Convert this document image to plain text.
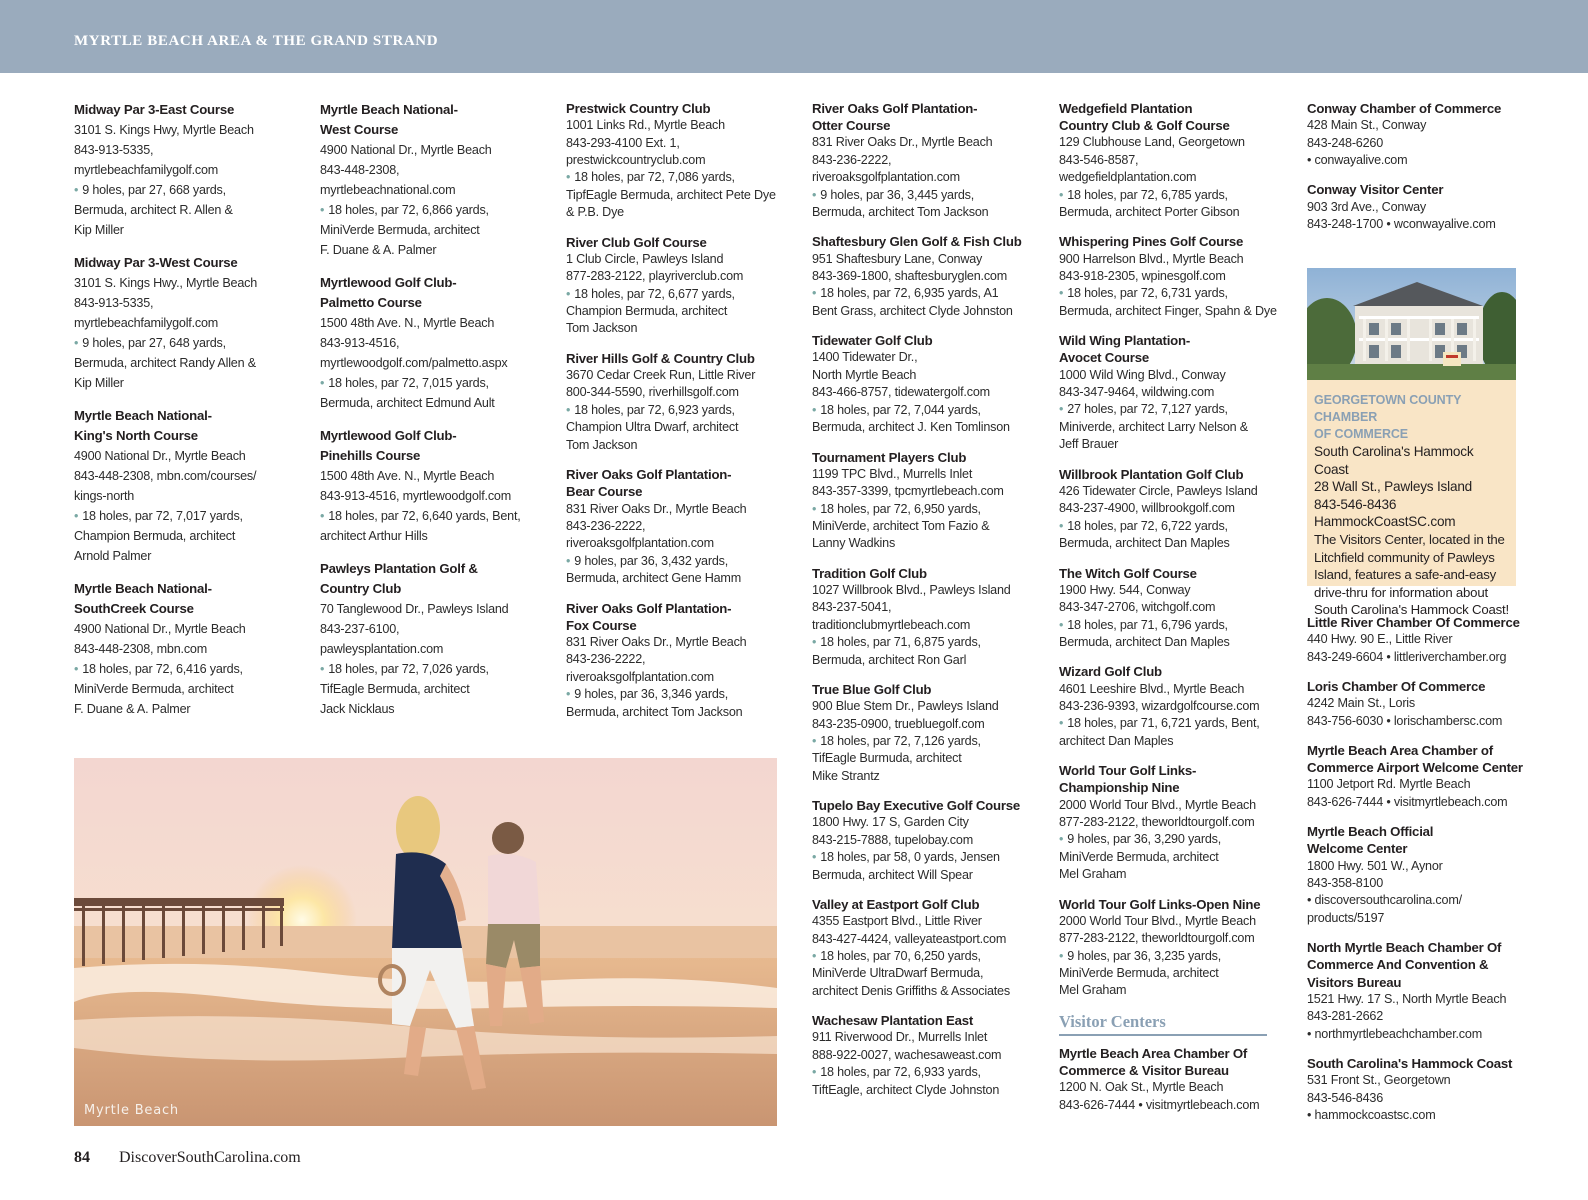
MYRTLE BEACH AREA & THE GRAND STRAND
Midway Par 3-East Course
3101 S. Kings Hwy, Myrtle Beach
843-913-5335,
myrtlebeachfamilygolf.com
• 9 holes, par 27, 668 yards,
Bermuda, architect R. Allen &
Kip Miller
Midway Par 3-West Course
3101 S. Kings Hwy., Myrtle Beach
843-913-5335,
myrtlebeachfamilygolf.com
• 9 holes, par 27, 648 yards,
Bermuda, architect Randy Allen &
Kip Miller
Myrtle Beach National-
King's North Course
4900 National Dr., Myrtle Beach
843-448-2308, mbn.com/courses/
kings-north
• 18 holes, par 72, 7,017 yards,
Champion Bermuda, architect
Arnold Palmer
Myrtle Beach National-
SouthCreek Course
4900 National Dr., Myrtle Beach
843-448-2308, mbn.com
• 18 holes, par 72, 6,416 yards,
MiniVerde Bermuda, architect
F. Duane & A. Palmer
Myrtle Beach National-
West Course
4900 National Dr., Myrtle Beach
843-448-2308,
myrtlebeachnational.com
• 18 holes, par 72, 6,866 yards,
MiniVerde Bermuda, architect
F. Duane & A. Palmer
Myrtlewood Golf Club-
Palmetto Course
1500 48th Ave. N., Myrtle Beach
843-913-4516,
myrtlewoodgolf.com/palmetto.aspx
• 18 holes, par 72, 7,015 yards,
Bermuda, architect Edmund Ault
Myrtlewood Golf Club-
Pinehills Course
1500 48th Ave. N., Myrtle Beach
843-913-4516, myrtlewoodgolf.com
• 18 holes, par 72, 6,640 yards, Bent,
architect Arthur Hills
Pawleys Plantation Golf &
Country Club
70 Tanglewood Dr., Pawleys Island
843-237-6100,
pawleysplantation.com
• 18 holes, par 72, 7,026 yards,
TifEagle Bermuda, architect
Jack Nicklaus
Prestwick Country Club
1001 Links Rd., Myrtle Beach
843-293-4100 Ext. 1,
prestwickcountryclub.com
• 18 holes, par 72, 7,086 yards,
TipfEagle Bermuda, architect Pete Dye
& P.B. Dye
River Club Golf Course
1 Club Circle, Pawleys Island
877-283-2122, playriverclub.com
• 18 holes, par 72, 6,677 yards,
Champion Bermuda, architect
Tom Jackson
River Hills Golf & Country Club
3670 Cedar Creek Run, Little River
800-344-5590, riverhillsgolf.com
• 18 holes, par 72, 6,923 yards,
Champion Ultra Dwarf, architect
Tom Jackson
River Oaks Golf Plantation-
Bear Course
831 River Oaks Dr., Myrtle Beach
843-236-2222,
riveroaksgolfplantation.com
• 9 holes, par 36, 3,432 yards,
Bermuda, architect Gene Hamm
River Oaks Golf Plantation-
Fox Course
831 River Oaks Dr., Myrtle Beach
843-236-2222,
riveroaksgolfplantation.com
• 9 holes, par 36, 3,346 yards,
Bermuda, architect Tom Jackson
River Oaks Golf Plantation-
Otter Course
831 River Oaks Dr., Myrtle Beach
843-236-2222,
riveroaksgolfplantation.com
• 9 holes, par 36, 3,445 yards,
Bermuda, architect Tom Jackson
Shaftesbury Glen Golf & Fish Club
951 Shaftesbury Lane, Conway
843-369-1800, shaftesburyglen.com
• 18 holes, par 72, 6,935 yards, A1
Bent Grass, architect Clyde Johnston
Tidewater Golf Club
1400 Tidewater Dr.,
North Myrtle Beach
843-466-8757, tidewatergolf.com
• 18 holes, par 72, 7,044 yards,
Bermuda, architect J. Ken Tomlinson
Tournament Players Club
1199 TPC Blvd., Murrells Inlet
843-357-3399, tpcmyrtlebeach.com
• 18 holes, par 72, 6,950 yards,
MiniVerde, architect Tom Fazio &
Lanny Wadkins
Tradition Golf Club
1027 Willbrook Blvd., Pawleys Island
843-237-5041,
traditionclubmyrtlebeach.com
• 18 holes, par 71, 6,875 yards,
Bermuda, architect Ron Garl
True Blue Golf Club
900 Blue Stem Dr., Pawleys Island
843-235-0900, truebluegolf.com
• 18 holes, par 72, 7,126 yards,
TifEagle Burmuda, architect
Mike Strantz
Tupelo Bay Executive Golf Course
1800 Hwy. 17 S, Garden City
843-215-7888, tupelobay.com
• 18 holes, par 58, 0 yards, Jensen
Bermuda, architect Will Spear
Valley at Eastport Golf Club
4355 Eastport Blvd., Little River
843-427-4424, valleyateastport.com
• 18 holes, par 70, 6,250 yards,
MiniVerde UltraDwarf Bermuda,
architect Denis Griffiths & Associates
Wachesaw Plantation East
911 Riverwood Dr., Murrells Inlet
888-922-0027, wachesaweast.com
• 18 holes, par 72, 6,933 yards,
TiftEagle, architect Clyde Johnston
Wedgefield Plantation
Country Club & Golf Course
129 Clubhouse Land, Georgetown
843-546-8587,
wedgefieldplantation.com
• 18 holes, par 72, 6,785 yards,
Bermuda, architect Porter Gibson
Whispering Pines Golf Course
900 Harrelson Blvd., Myrtle Beach
843-918-2305, wpinesgolf.com
• 18 holes, par 72, 6,731 yards,
Bermuda, architect Finger, Spahn & Dye
Wild Wing Plantation-
Avocet Course
1000 Wild Wing Blvd., Conway
843-347-9464, wildwing.com
• 27 holes, par 72, 7,127 yards,
Miniverde, architect Larry Nelson &
Jeff Brauer
Willbrook Plantation Golf Club
426 Tidewater Circle, Pawleys Island
843-237-4900, willbrookgolf.com
• 18 holes, par 72, 6,722 yards,
Bermuda, architect Dan Maples
The Witch Golf Course
1900 Hwy. 544, Conway
843-347-2706, witchgolf.com
• 18 holes, par 71, 6,796 yards,
Bermuda, architect Dan Maples
Wizard Golf Club
4601 Leeshire Blvd., Myrtle Beach
843-236-9393, wizardgolfcourse.com
• 18 holes, par 71, 6,721 yards, Bent,
architect Dan Maples
World Tour Golf Links-
Championship Nine
2000 World Tour Blvd., Myrtle Beach
877-283-2122, theworldtourgolf.com
• 9 holes, par 36, 3,290 yards,
MiniVerde Bermuda, architect
Mel Graham
World Tour Golf Links-Open Nine
2000 World Tour Blvd., Myrtle Beach
877-283-2122, theworldtourgolf.com
• 9 holes, par 36, 3,235 yards,
MiniVerde Bermuda, architect
Mel Graham
Visitor Centers
Myrtle Beach Area Chamber Of
Commerce & Visitor Bureau
1200 N. Oak St., Myrtle Beach
843-626-7444 • visitmyrtlebeach.com
Conway Chamber of Commerce
428 Main St., Conway
843-248-6260
• conwayalive.com
Conway Visitor Center
903 3rd Ave., Conway
843-248-1700 • wconwayalive.com
GEORGETOWN COUNTY CHAMBER
OF COMMERCE
South Carolina's Hammock Coast
28 Wall St., Pawleys Island
843-546-8436
HammockCoastSC.com
The Visitors Center, located in the
Litchfield community of Pawleys
Island, features a safe-and-easy
drive-thru for information about
South Carolina's Hammock Coast!
Little River Chamber Of Commerce
440 Hwy. 90 E., Little River
843-249-6604 • littleriverchamber.org
Loris Chamber Of Commerce
4242 Main St., Loris
843-756-6030 • lorischambersc.com
Myrtle Beach Area Chamber of
Commerce Airport Welcome Center
1100 Jetport Rd. Myrtle Beach
843-626-7444 • visitmyrtlebeach.com
Myrtle Beach Official
Welcome Center
1800 Hwy. 501 W., Aynor
843-358-8100
• discoversouthcarolina.com/
products/5197
North Myrtle Beach Chamber Of
Commerce And Convention &
Visitors Bureau
1521 Hwy. 17 S., North Myrtle Beach
843-281-2662
• northmyrtlebeachchamber.com
South Carolina's Hammock Coast
531 Front St., Georgetown
843-546-8436
• hammockcoastsc.com
Myrtle Beach
84 DiscoverSouthCarolina.com
